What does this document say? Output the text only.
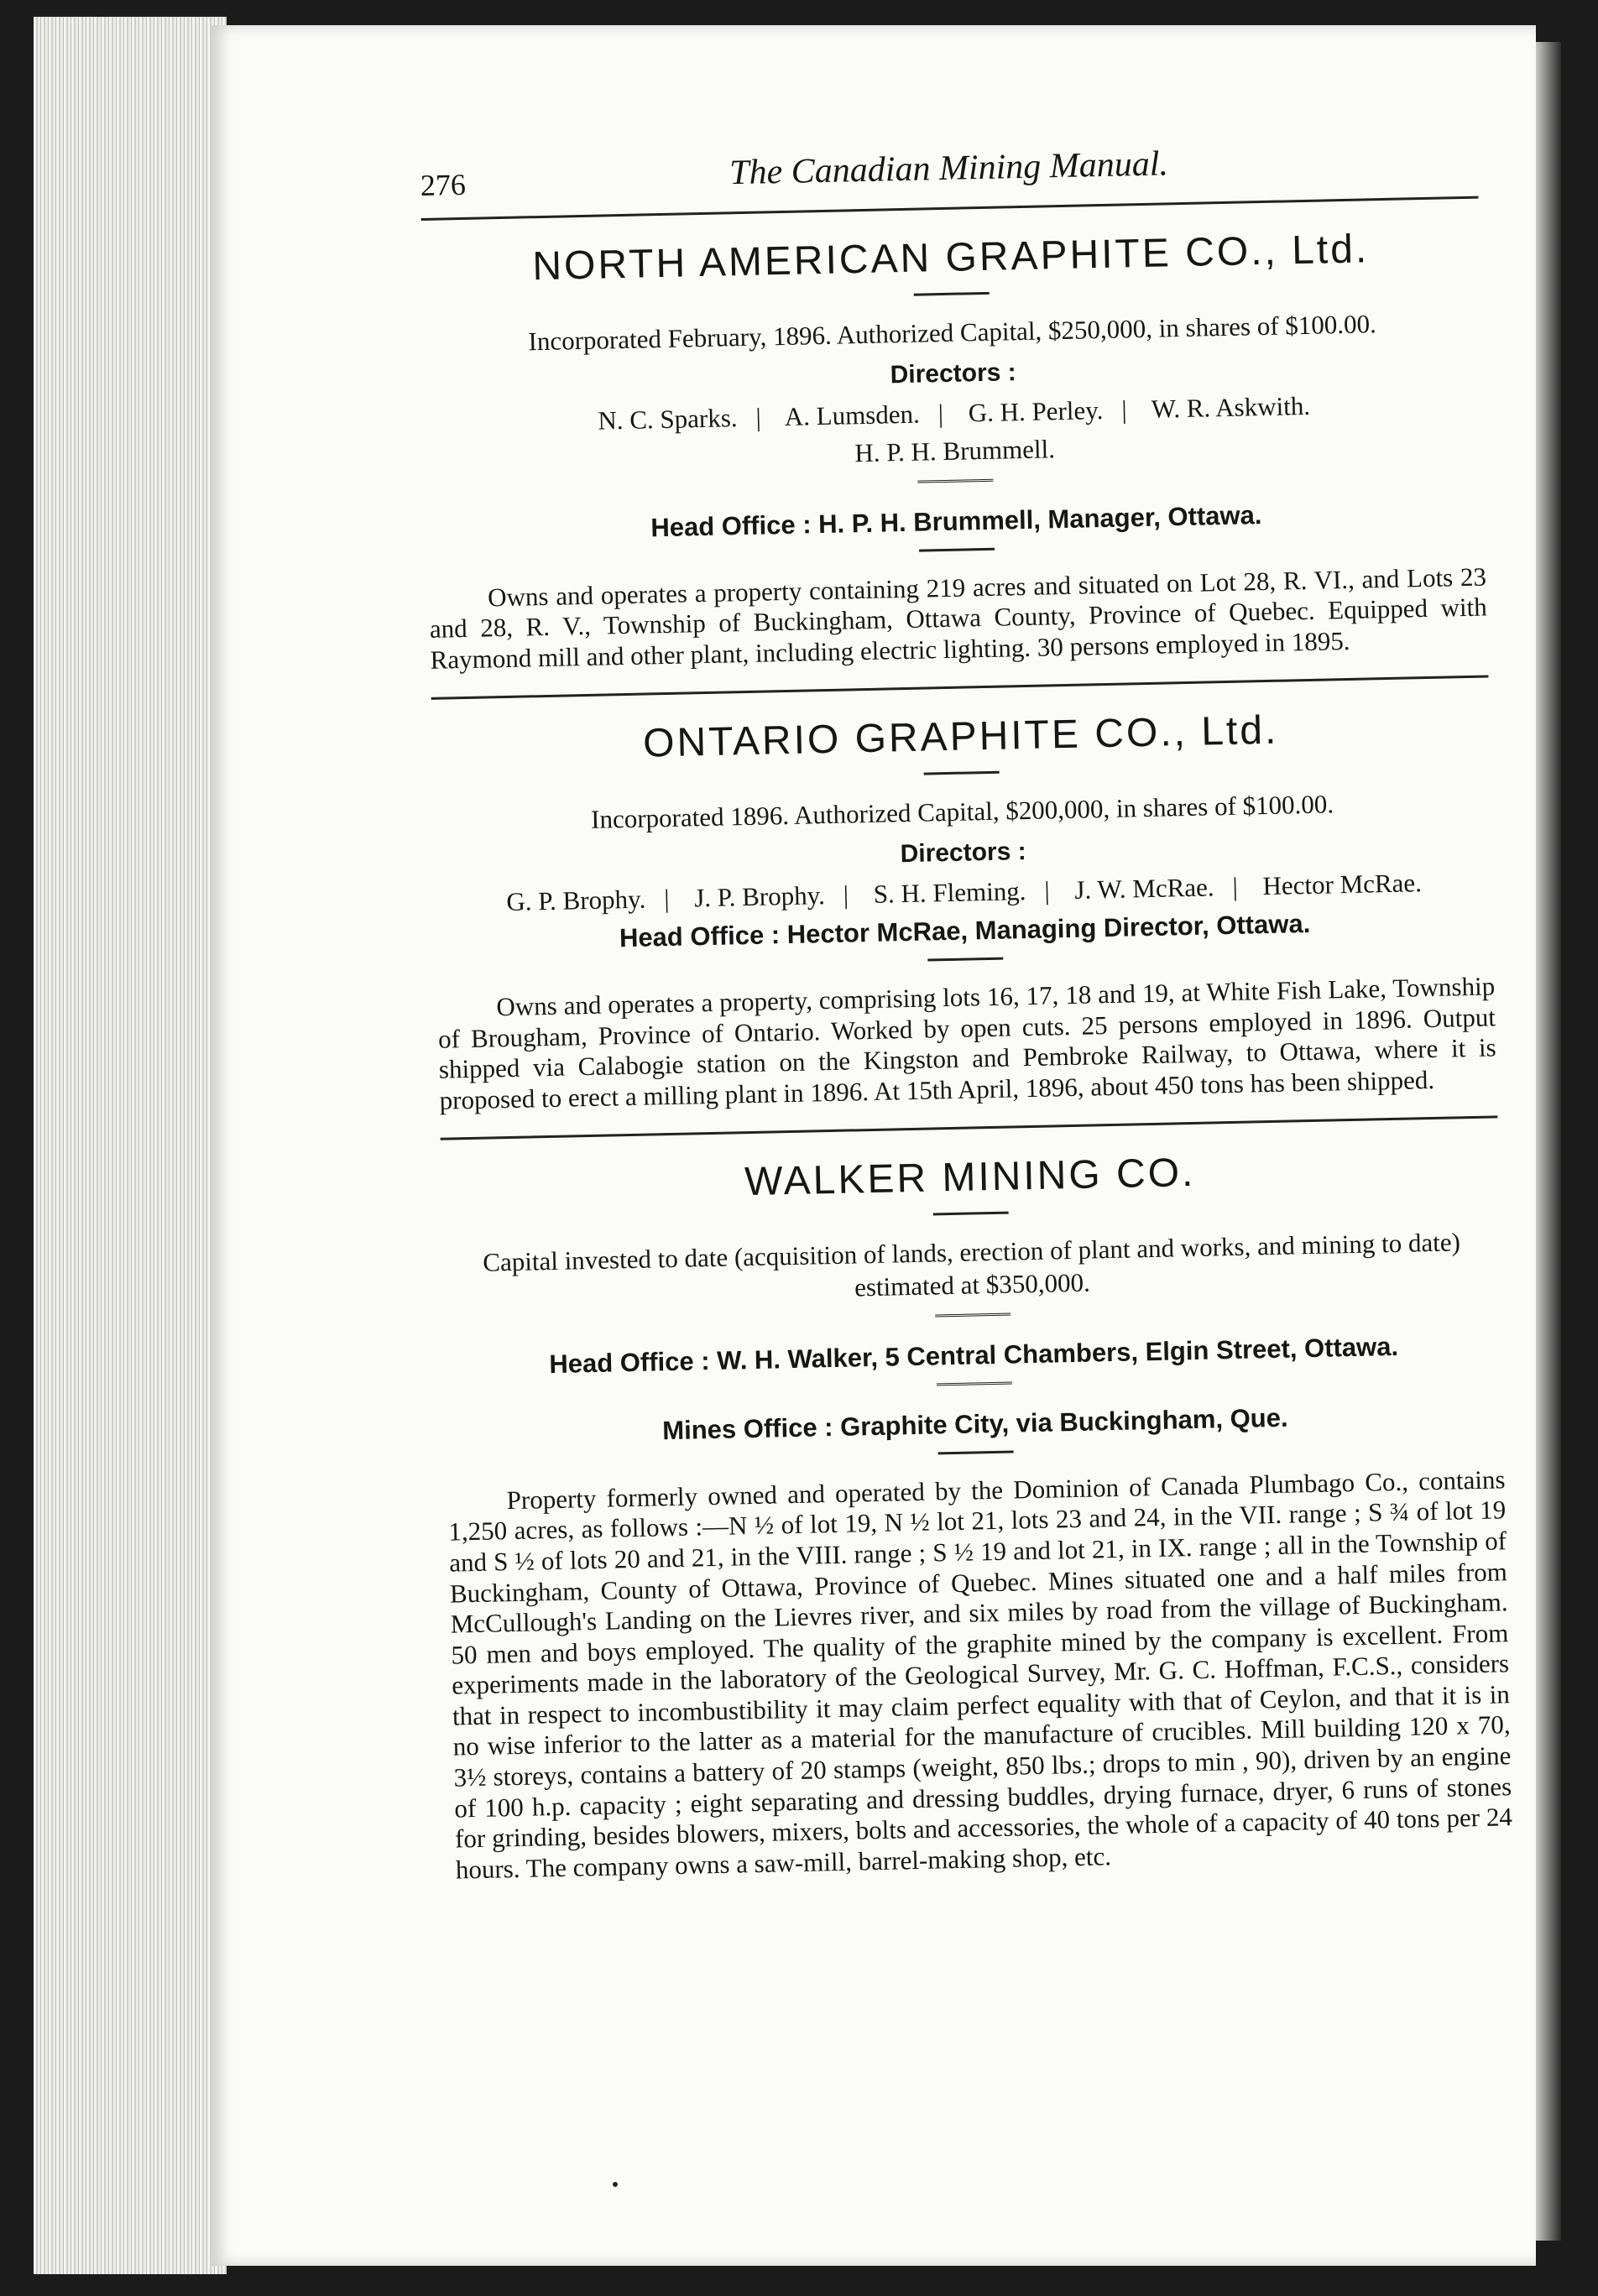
276	The Canadian Mining Manual.
NORTH AMERICAN GRAPHITE CO., Ltd.
Incorporated February, 1896. Authorized Capital, $250,000, in shares of $100.00.
Directors :
N. C. Sparks. | A. Lumsden. | G. H. Perley. | W. R. Askwith.
H. P. H. Brummell.
Head Office : H. P. H. Brummell, Manager, Ottawa.

Owns and operates a property containing 219 acres and situated on Lot 28, R. VI., and Lots 23 and 28, R. V., Township of Buckingham, Ottawa County, Province of Quebec. Equipped with Raymond mill and other plant, including electric lighting. 30 persons employed in 1895.

ONTARIO GRAPHITE CO., Ltd.
Incorporated 1896. Authorized Capital, $200,000, in shares of $100.00.
Directors :
G. P. Brophy. | J. P. Brophy. | S. H. Fleming. | J. W. McRae. | Hector McRae.
Head Office : Hector McRae, Managing Director, Ottawa.

Owns and operates a property, comprising lots 16, 17, 18 and 19, at White Fish Lake, Township of Brougham, Province of Ontario. Worked by open cuts. 25 persons employed in 1896. Output shipped via Calabogie station on the Kingston and Pembroke Railway, to Ottawa, where it is proposed to erect a milling plant in 1896. At 15th April, 1896, about 450 tons has been shipped.

WALKER MINING CO.
Capital invested to date (acquisition of lands, erection of plant and works, and mining to date) estimated at $350,000.
Head Office : W. H. Walker, 5 Central Chambers, Elgin Street, Ottawa.
Mines Office : Graphite City, via Buckingham, Que.

Property formerly owned and operated by the Dominion of Canada Plumbago Co., contains 1,250 acres, as follows :—N ½ of lot 19, N ½ lot 21, lots 23 and 24, in the VII. range ; S ¾ of lot 19 and S ½ of lots 20 and 21, in the VIII. range ; S ½ 19 and lot 21, in IX. range ; all in the Township of Buckingham, County of Ottawa, Province of Quebec. Mines situated one and a half miles from McCullough's Landing on the Lievres river, and six miles by road from the village of Buckingham. 50 men and boys employed. The quality of the graphite mined by the company is excellent. From experiments made in the laboratory of the Geological Survey, Mr. G. C. Hoffman, F.C.S., considers that in respect to incombustibility it may claim perfect equality with that of Ceylon, and that it is in no wise inferior to the latter as a material for the manufacture of crucibles. Mill building 120 x 70, 3½ storeys, contains a battery of 20 stamps (weight, 850 lbs.; drops to min , 90), driven by an engine of 100 h.p. capacity ; eight separating and dressing buddles, drying furnace, dryer, 6 runs of stones for grinding, besides blowers, mixers, bolts and accessories, the whole of a capacity of 40 tons per 24 hours. The company owns a saw-mill, barrel-making shop, etc.
